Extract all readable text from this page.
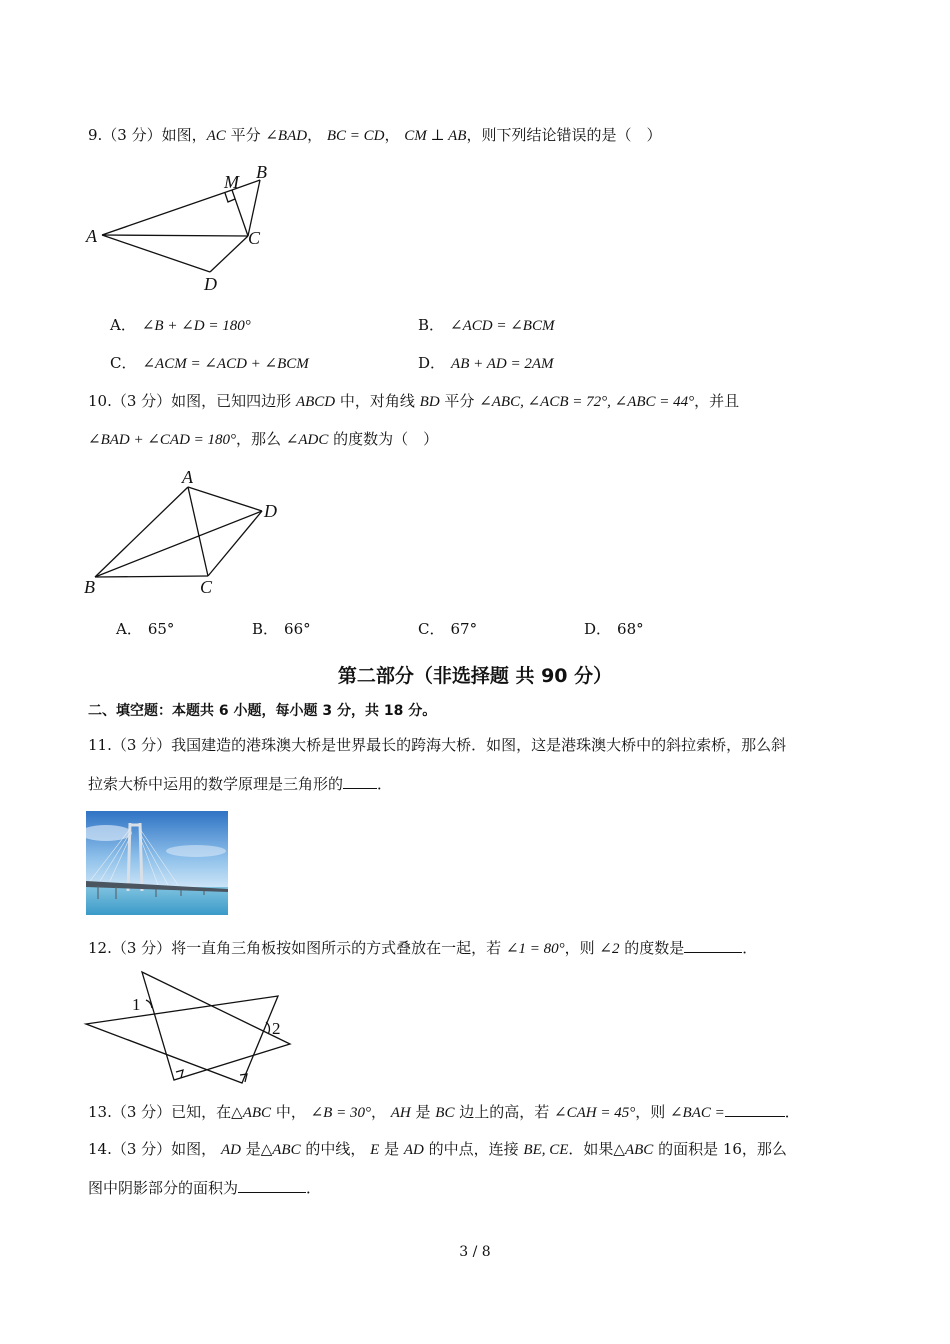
9.（3 分）如图，AC 平分 ∠BAD， BC = CD， CM ⊥ AB，则下列结论错误的是（　）
A
M B
C
D
A． ∠B + ∠D = 180°	B． ∠ACD = ∠BCM
C． ∠ACM = ∠ACD + ∠BCM	D． AB + AD = 2AM
10.（3 分）如图，已知四边形 ABCD 中，对角线 BD 平分 ∠ABC, ∠ACB = 72°, ∠ABC = 44°，并且
∠BAD + ∠CAD = 180°，那么 ∠ADC 的度数为（　）
A
B	C
D
A． 65°	B． 66°	C． 67°	D． 68°
第二部分（非选择题 共 90 分）
二、填空题：本题共 6 小题，每小题 3 分，共 18 分。
11.（3 分）我国建造的港珠澳大桥是世界最长的跨海大桥．如图，这是港珠澳大桥中的斜拉索桥，那么斜
拉索大桥中运用的数学原理是三角形的 ．
12.（3 分）将一直角三角板按如图所示的方式叠放在一起，若 ∠1 = 80°，则 ∠2 的度数是	．
1
2
13.（3 分）已知，在△ABC 中， ∠B = 30°， AH 是 BC 边上的高，若 ∠CAH = 45°，则 ∠BAC =	．
14.（3 分）如图， AD 是△ABC 的中线， E 是 AD 的中点，连接 BE, CE．如果△ABC 的面积是 16，那么
图中阴影部分的面积为	．
3 / 8
